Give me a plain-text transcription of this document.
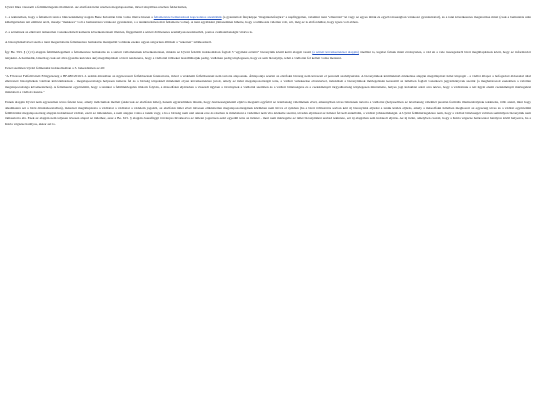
Ujvári Imre visszaélt a felülmérlegelés tilalmával. Az elsőfokú ítélet részben megalapozatlan, mivel tényállása részben felderítetlen,

1. a tekintetben, hogy a felismerő tanú a bűncselekmény napján Bene Krisztián látta volna illetve hiszen a felismerésre bemutatással kapcsolatos anomáliák (a gyanúsított fényképpe "magántelefonjára" a napfűggetlen, valamint tanú "ellenőrző" ki vagy az egyes látták és egyéb tárasságban várakozó gyanúsítottal), és a tanú következetes magatartása miatt (csak a bemutatás után kihallgatásban tett említést arról, meséje "mekkora" volt a bemutatásra várakozó gyanúsított, s a tanúkörzésben már felismerte volna). A tanú egyébként jóhiszeműen hihette, hogy a találkozás véletlen volt, sőt, még az is elöfordulhat, hogy igaza volt ebben.

2. a sértettnek az elkövető ismeretlen vonatkozásbeli kamerás következtetéseit illetően, függetlenül a sértett döbbenetes személyazonosításaiból, pontos csalhatatlanságát vitatva is.

A bizonyítékelvével szem a tanú megerősítette felismerésre bemutatás manipulált voltának ezekre ugyan szigorúan állítását a "rekerten" találkozásról.

Így Be. 593. § (1) b) alapján felülmérlegelheti a felismerésre bemutatás és a sértett vallomásának következtetései, miután az Ujvári felsőbb indokolásban foglalt 3 "egymást erősítő" bizonyíték közül kettő alapját veszti (a sértett következtetései alapján) önellátó is, legalsó falnak miatt érvénytelen, a vád én a vele összegzésről bírói megállapítások közti, hogy az információt tényként. A harmadik, látszólag csak azt ábra (gazdás kulcsára aki) megállapítását a bírói rendszerre, hogy a vádlottal többeket leszállíthatjuk pedig, vádlókan pedig ténylegesen, hogy ez sem bizonyítja, tehát a vádlottat fel kellett volna menteni.

Ezzel szemben Ujvári felmentést indokolásában a 3. bekezdésben az áll:

"A Fővárosi Felfebbviteli Főügyészség a BF.480/2016/1-I. számú átiratában az úgynevezett felfebbezését fenntartotta, mivel a védelemi felfebbezését nem tartotta alaposnak. Álláspontja szerint az elsőfokú bíróság nem kövezett el perrendi szabálysértést. A bizonyítékok körültekintő értékelése alapján megállapított ítélet lényegét - a vádlót állapot a befogadott áldozattal által elkövetett bizonyítékok valóban kölcsönhatások - megalapozottsága helyesen ismerte fel és a bíróság tényeknél mindenkit olyan következtetésre jutott, amely az ítélet megalapozottságát tette, a vádlott védekezése elvetésével, indoklását a bizonyítékok mérlegelésén keresztül az ítéletben foglalt vonatkozó jegyzőkönyvek szerint (a meghatározott esetekben a valótlan megalapozottsága következtében). A felismerést egyértelmű, hogy a tanúkat a felülmérlegelés tilalom folytán, a másodfokú eljárásban a visszadt ügyben a törvénynek a vádlottal szemben és a vádlott bűnösségére és a cselekményét tárgyalhatóság ténylegesen minősítette, helyes jogi indoklást adott arra nézve, hogy a vádlottnak a tett ügyét elemi cselekményét mérlegelési minősített a vádlott részére."

Ennek alapján Ujvári nem egyszerűen téves felelet lesz, amely indiciumok mellett (akárcsak az elsőfokú ítélet), hanem egyértelműen látszik, hogy önérzességtelenül eljárva megsérti egyfelől az ártatlanság vélelmének elvét, amennyiben téves bűnösnek tartotta a vádlottat (helyesebben az ártatlanság vélelmét pusztán formális illemszabálynak tekintette, tőbb annál, mint hogy alkalmazná azt a bírói döntéshozatalban), másrészt megállapította a vádlottat a vádlottat a védelem jogaitól, az elsőfokú ítélet elvét ítévesen elütésítetlen megalapozottságának körűkben nem hivva el syikban (ha a bírói többszörös sorban kért új bizonyítási eljárást a tanúk közlés eljárás, amely a másodfokú ítéletben meghozott az egyezség téves és a vádlott egyértelmű felülbírálást megalapozottság alapján indoklással vádlott, ezért az ítéletekben, a nem alapjan volna a tanúk vagy, s ha a bíróság nem utal annak erre és részben is minősíteni a védelmet nem vita értékelte szerint, tévedés eljárással az ítéletet fel kell annullálni, a vádlott jóhiszeműségét. A Ujvári felülmérlegelésre nem, hogy a vádlott bűnösségét valóban semmilyen bizonyíték nem támasztotta alá. Ezek az alapján nem teljesen tévesen alapul az ítélethez, azaz a Be. 615. § alapján összefüggő törvényes hivatkozva az ítéletet jogerősen ezért egyedül tette az ítéletet - mert nem mérlegelte az ítélet bizonyítékát szabad tekintete, ezt új alapjában sem indokolt eljárás. Az új ítélet, amelyben csatolt, hogy a Kúria végezze határozatot hatályon kívül helyezve, ha a Kúria végzése hatályos, akkor azt is.
